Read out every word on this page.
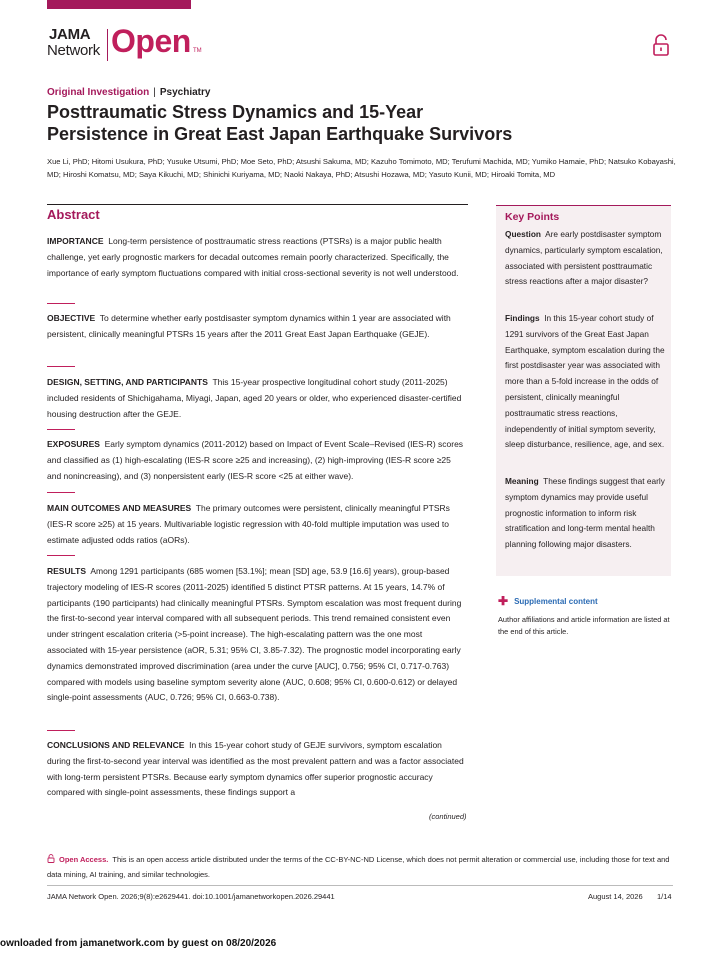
JAMA
Network Open TM
Original Investigation | Psychiatry
Posttraumatic Stress Dynamics and 15-Year Persistence in Great East Japan Earthquake Survivors
Xue Li, PhD; Hitomi Usukura, PhD; Yusuke Utsumi, PhD; Moe Seto, PhD; Atsushi Sakuma, MD; Kazuho Tomimoto, MD; Terufumi Machida, MD; Yumiko Hamaie, PhD; Natsuko Kobayashi, MD; Hiroshi Komatsu, MD; Saya Kikuchi, MD; Shinichi Kuriyama, MD; Naoki Nakaya, PhD; Atsushi Hozawa, MD; Yasuto Kunii, MD; Hiroaki Tomita, MD
Abstract
IMPORTANCE Long-term persistence of posttraumatic stress reactions (PTSRs) is a major public health challenge, yet early prognostic markers for decadal outcomes remain poorly characterized. Specifically, the importance of early symptom fluctuations compared with initial cross-sectional severity is not well understood.
OBJECTIVE To determine whether early postdisaster symptom dynamics within 1 year are associated with persistent, clinically meaningful PTSRs 15 years after the 2011 Great East Japan Earthquake (GEJE).
DESIGN, SETTING, AND PARTICIPANTS This 15-year prospective longitudinal cohort study (2011-2025) included residents of Shichigahama, Miyagi, Japan, aged 20 years or older, who experienced disaster-certified housing destruction after the GEJE.
EXPOSURES Early symptom dynamics (2011-2012) based on Impact of Event Scale–Revised (IES-R) scores and classified as (1) high-escalating (IES-R score ≥25 and increasing), (2) high-improving (IES-R score ≥25 and nonincreasing), and (3) nonpersistent early (IES-R score <25 at either wave).
MAIN OUTCOMES AND MEASURES The primary outcomes were persistent, clinically meaningful PTSRs (IES-R score ≥25) at 15 years. Multivariable logistic regression with 40-fold multiple imputation was used to estimate adjusted odds ratios (aORs).
RESULTS Among 1291 participants (685 women [53.1%]; mean [SD] age, 53.9 [16.6] years), group-based trajectory modeling of IES-R scores (2011-2025) identified 5 distinct PTSR patterns. At 15 years, 14.7% of participants (190 participants) had clinically meaningful PTSRs. Symptom escalation was most frequent during the first-to-second year interval compared with all subsequent periods. This trend remained consistent even under stringent escalation criteria (>5-point increase). The high-escalating pattern was the one most associated with 15-year persistence (aOR, 5.31; 95% CI, 3.85-7.32). The prognostic model incorporating early dynamics demonstrated improved discrimination (area under the curve [AUC], 0.756; 95% CI, 0.717-0.763) compared with models using baseline symptom severity alone (AUC, 0.608; 95% CI, 0.600-0.612) or delayed single-point assessments (AUC, 0.726; 95% CI, 0.663-0.738).
CONCLUSIONS AND RELEVANCE In this 15-year cohort study of GEJE survivors, symptom escalation during the first-to-second year interval was identified as the most prevalent pattern and was a factor associated with long-term persistent PTSRs. Because early symptom dynamics offer superior prognostic accuracy compared with single-point assessments, these findings support a
(continued)
Key Points
Question Are early postdisaster symptom dynamics, particularly symptom escalation, associated with persistent posttraumatic stress reactions after a major disaster?
Findings In this 15-year cohort study of 1291 survivors of the Great East Japan Earthquake, symptom escalation during the first postdisaster year was associated with more than a 5-fold increase in the odds of persistent, clinically meaningful posttraumatic stress reactions, independently of initial symptom severity, sleep disturbance, resilience, age, and sex.
Meaning These findings suggest that early symptom dynamics may provide useful prognostic information to inform risk stratification and long-term mental health planning following major disasters.
✚ Supplemental content
Author affiliations and article information are listed at the end of this article.
Open Access. This is an open access article distributed under the terms of the CC-BY-NC-ND License, which does not permit alteration or commercial use, including those for text and data mining, AI training, and similar technologies.
JAMA Network Open. 2026;9(8):e2629441. doi:10.1001/jamanetworkopen.2026.29441	August 14, 2026 1/14
ownloaded from jamanetwork.com by guest on 08/20/2026
